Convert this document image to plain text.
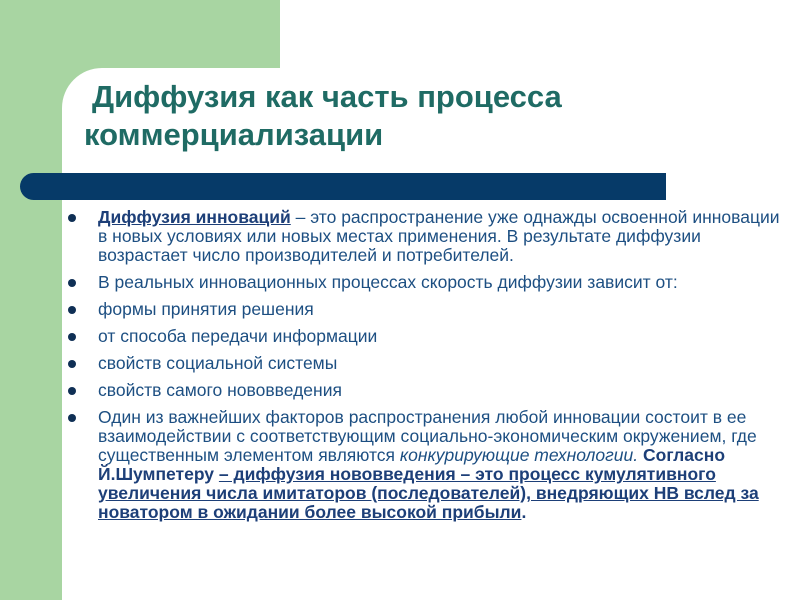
Диффузия как часть процесса
коммерциализации
Диффузия инноваций – это распространение уже однажды освоенной инновации в новых условиях или новых местах применения. В результате диффузии возрастает число производителей и потребителей.
В реальных инновационных процессах скорость диффузии зависит от:
формы принятия решения
от способа передачи информации
свойств социальной системы
свойств самого нововведения
Один из важнейших факторов распространения любой инновации состоит в ее взаимодействии с соответствующим социально-экономическим окружением, где существенным элементом являются конкурирующие технологии. Согласно Й.Шумпетеру – диффузия нововведения – это процесс кумулятивного увеличения числа имитаторов (последователей), внедряющих НВ вслед за новатором в ожидании более высокой прибыли.
